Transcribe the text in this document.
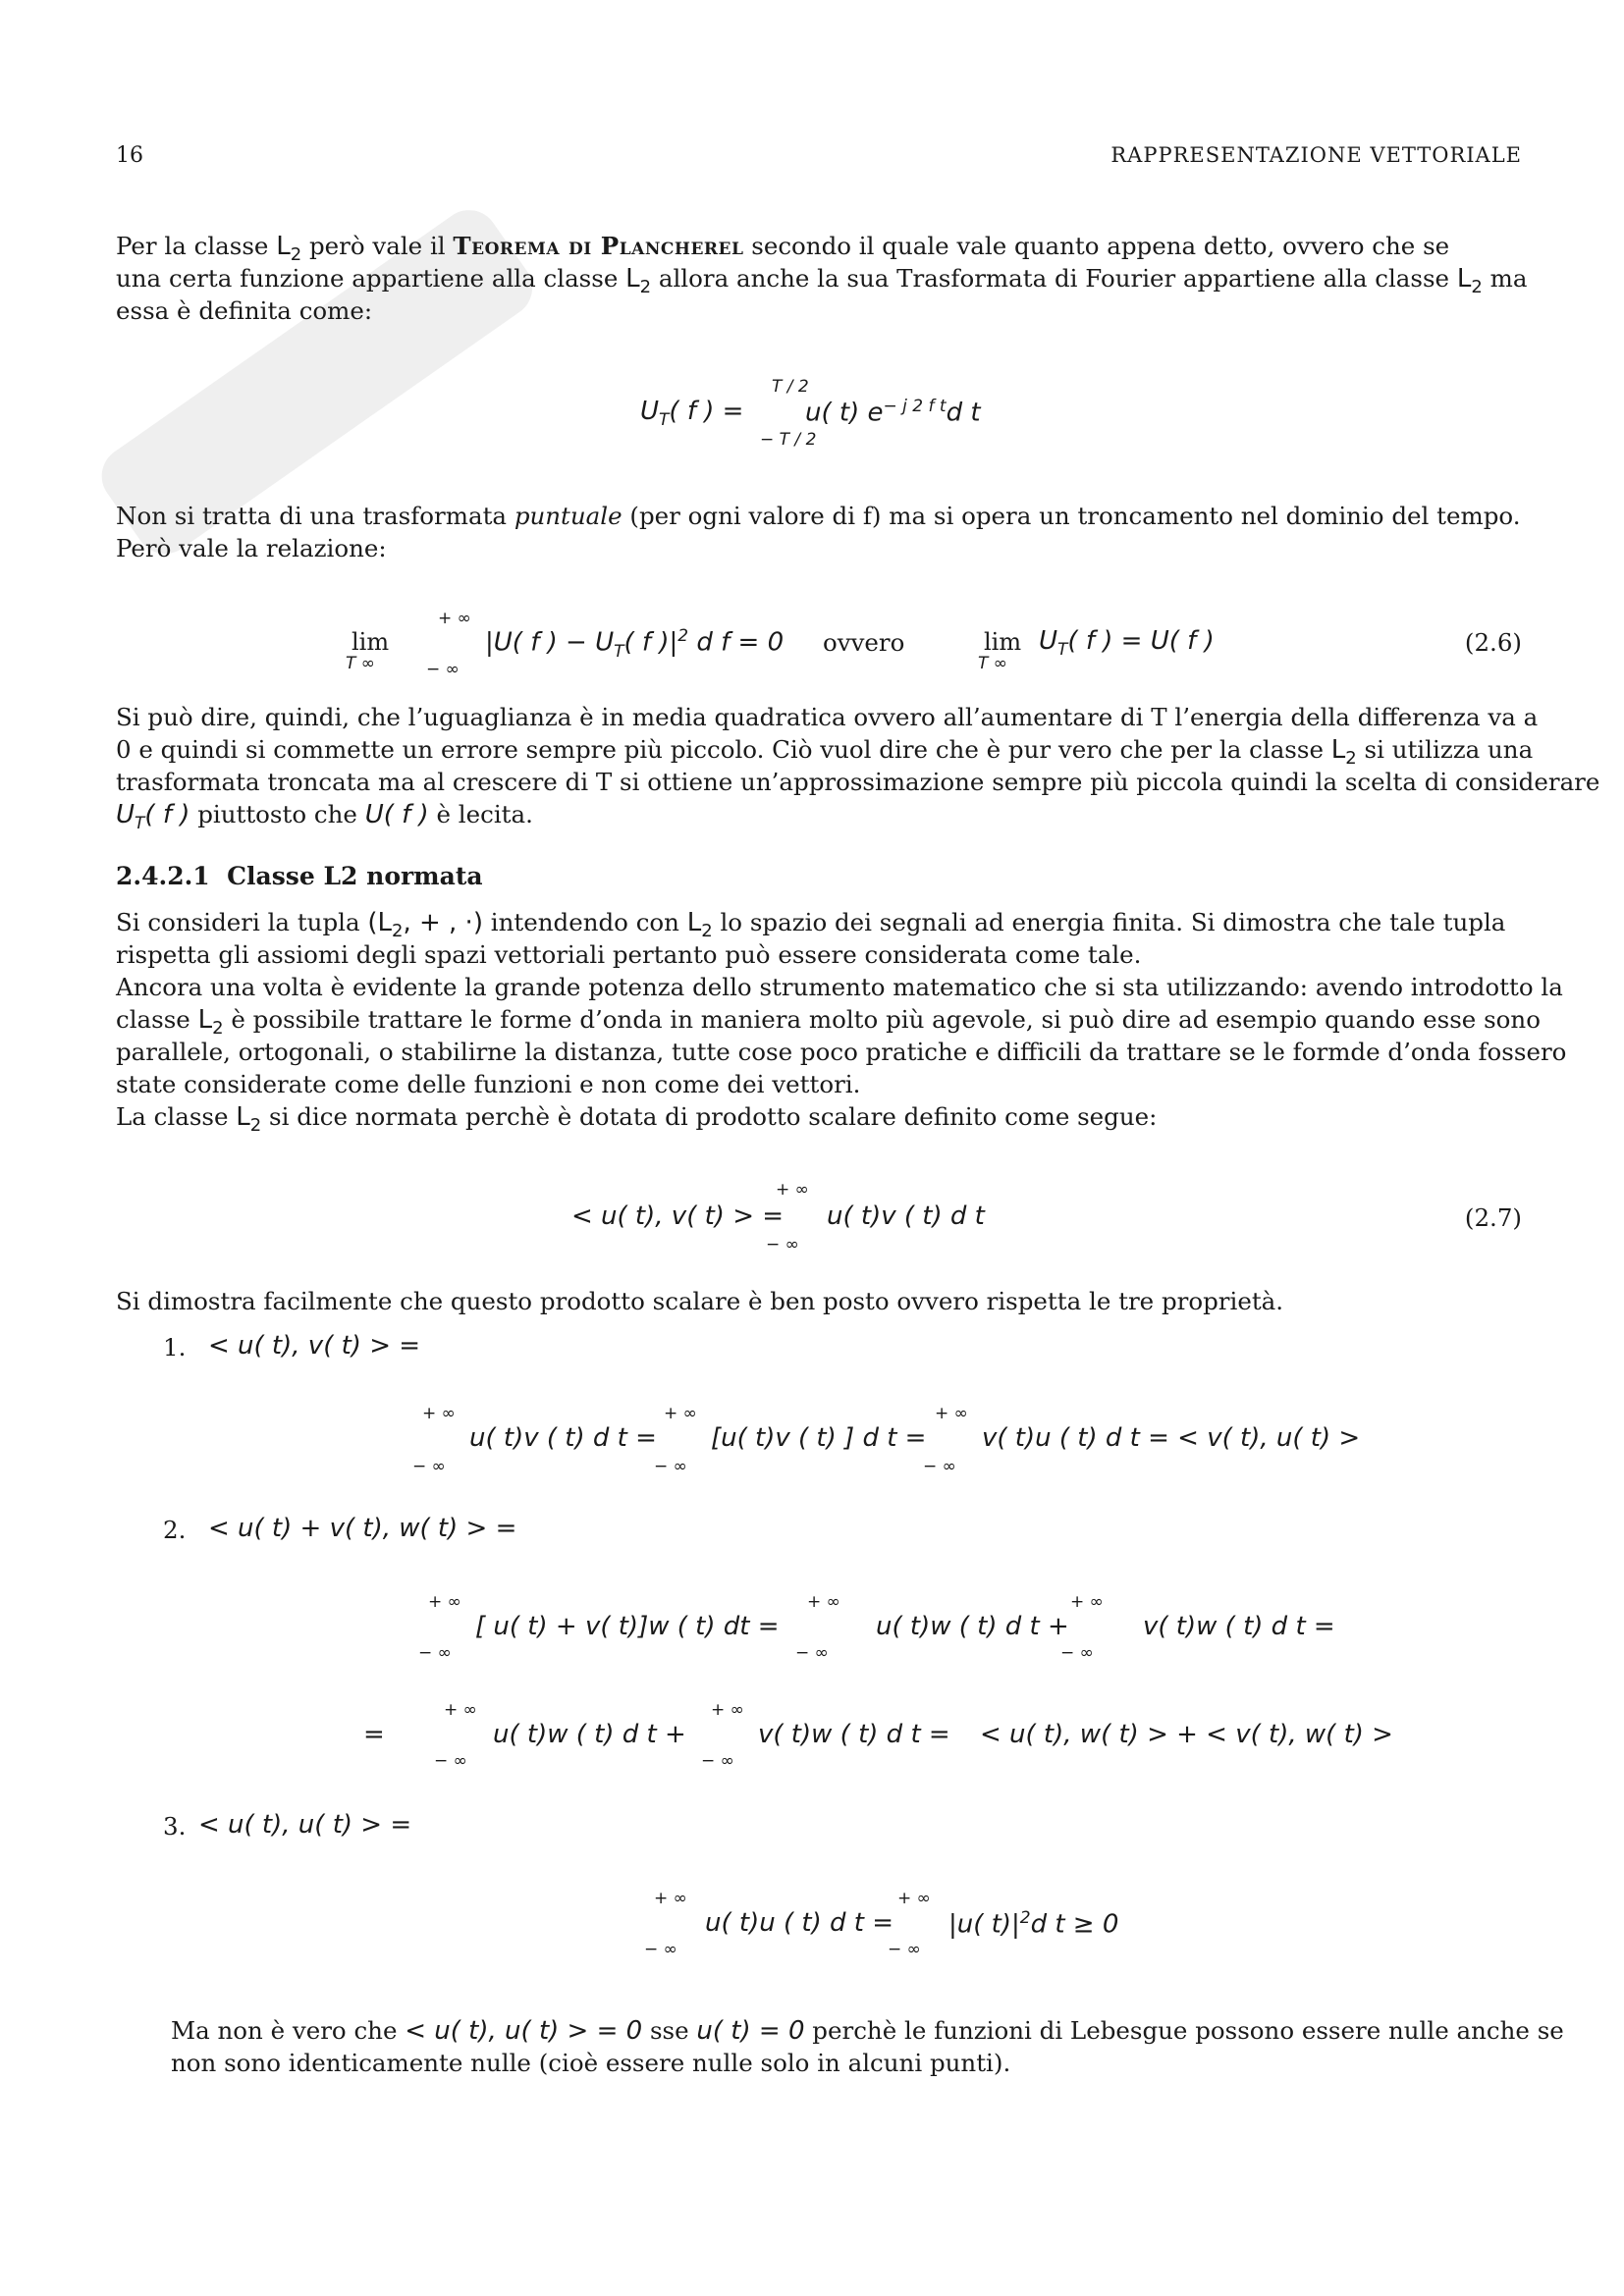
16	RAPPRESENTAZIONE VETTORIALE
Per la classe $L_2$ però vale il Teorema di Plancherel secondo il quale vale quanto appena detto, ovvero che se
una certa funzione appartiene alla classe $L_2$ allora anche la sua Trasformata di Fourier appartiene alla classe $L_2$ ma
essa è definita come:
$U_T$( f ) =
T / 2
− T / 2
u( t) $e^{- j 2 f t}d$ t
Non si tratta di una trasformata puntuale (per ogni valore di f) ma si opera un troncamento nel dominio del tempo.
Però vale la relazione:
lim
T ∞
+ ∞
− ∞
|U( f ) − $U_T$( f )$|^2$ d f = 0 ovvero	lim
T ∞
$U_T$( f ) = U( f )	(2.6)
Si può dire, quindi, che l’uguaglianza è in media quadratica ovvero all’aumentare di T l’energia della differenza va a
0 e quindi si commette un errore sempre più piccolo. Ciò vuol dire che è pur vero che per la classe $L_2$ si utilizza una
trasformata troncata ma al crescere di T si ottiene un’approssimazione sempre più piccola quindi la scelta di considerare
$U_T$( f ) piuttosto che U( f ) è lecita.
2.4.2.1 Classe L2 normata
Si consideri la tupla ($L_2$, + , ·) intendendo con $L_2$ lo spazio dei segnali ad energia finita. Si dimostra che tale tupla
rispetta gli assiomi degli spazi vettoriali pertanto può essere considerata come tale.
Ancora una volta è evidente la grande potenza dello strumento matematico che si sta utilizzando: avendo introdotto la
classe $L_2$ è possibile trattare le forme d’onda in maniera molto più agevole, si può dire ad esempio quando esse sono
parallele, ortogonali, o stabilirne la distanza, tutte cose poco pratiche e difficili da trattare se le formde d’onda fossero
state considerate come delle funzioni e non come dei vettori.
La classe $L_2$ si dice normata perchè è dotata di prodotto scalare definito come segue:
< u( t), v( t) > =
+ ∞
− ∞
u( t)v ( t) d t	(2.7)
Si dimostra facilmente che questo prodotto scalare è ben posto ovvero rispetta le tre proprietà.
1. < u( t), v( t) > =
+ ∞
− ∞
u( t)v ( t) d t =
+ ∞
− ∞
[u( t)v ( t) ] d t =
+ ∞
− ∞
v( t)u ( t) d t = < v( t), u( t) >
2. < u( t) + v( t), w( t) > =
+ ∞
− ∞
[ u( t) + v( t)]w ( t) dt =
+ ∞
− ∞
u( t)w ( t) d t +
+ ∞
− ∞
v( t)w ( t) d t =
=
+ ∞
− ∞
u( t)w ( t) d t +
+ ∞
− ∞
v( t)w ( t) d t = < u( t), w( t) > + < v( t), w( t) >
3. < u( t), u( t) > =
+ ∞
− ∞
u( t)u ( t) d t =
+ ∞
− ∞
|u( $t)|^2d$ t ≥ 0
Ma non è vero che < u( t), u( t) > = 0 sse u( t) = 0 perchè le funzioni di Lebesgue possono essere nulle anche se
non sono identicamente nulle (cioè essere nulle solo in alcuni punti).
